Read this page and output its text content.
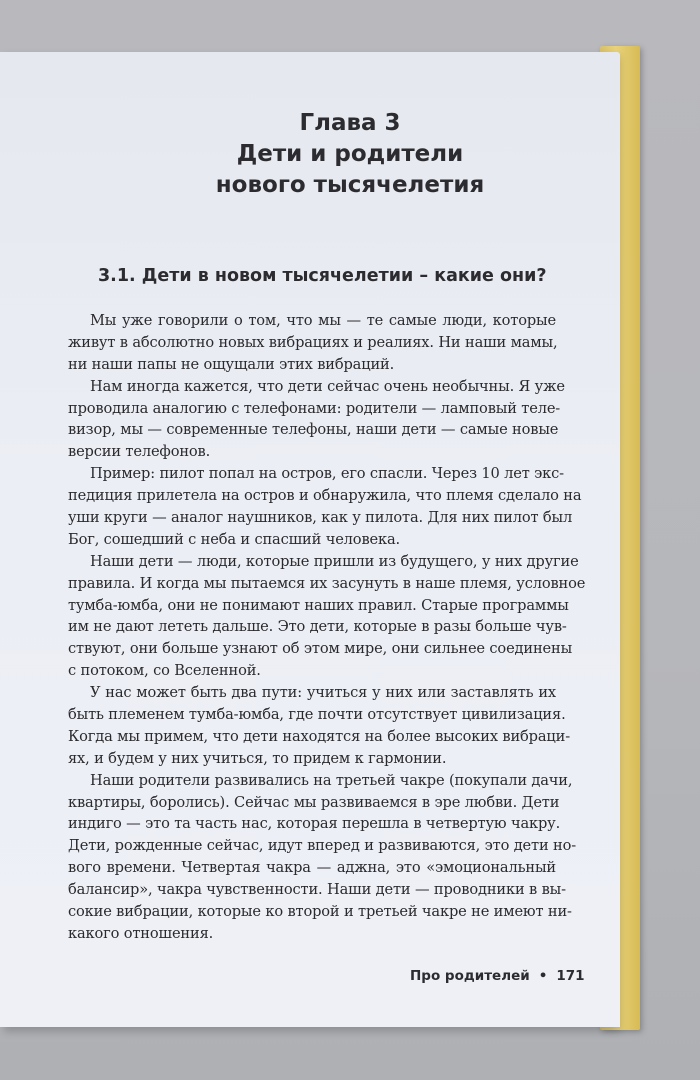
Глава 3
Дети и родители
нового тысячелетия
3.1. Дети в новом тысячелетии – какие они?
Мы уже говорили о том, что мы — те самые люди, которые
живут в абсолютно новых вибрациях и реалиях. Ни наши мамы,
ни наши папы не ощущали этих вибраций.
Нам иногда кажется, что дети сейчас очень необычны. Я уже
проводила аналогию с телефонами: родители — ламповый теле-
визор, мы — современные телефоны, наши дети — самые новые
версии телефонов.
Пример: пилот попал на остров, его спасли. Через 10 лет экс-
педиция прилетела на остров и обнаружила, что племя сделало на
уши круги — аналог наушников, как у пилота. Для них пилот был
Бог, сошедший с неба и спасший человека.
Наши дети — люди, которые пришли из будущего, у них другие
правила. И когда мы пытаемся их засунуть в наше племя, условное
тумба-юмба, они не понимают наших правил. Старые программы
им не дают лететь дальше. Это дети, которые в разы больше чув-
ствуют, они больше узнают об этом мире, они сильнее соединены
с потоком, со Вселенной.
У нас может быть два пути: учиться у них или заставлять их
быть племенем тумба-юмба, где почти отсутствует цивилизация.
Когда мы примем, что дети находятся на более высоких вибраци-
ях, и будем у них учиться, то придем к гармонии.
Наши родители развивались на третьей чакре (покупали дачи,
квартиры, боролись). Сейчас мы развиваемся в эре любви. Дети
индиго — это та часть нас, которая перешла в четвертую чакру.
Дети, рожденные сейчас, идут вперед и развиваются, это дети но-
вого времени. Четвертая чакра — аджна, это «эмоциональный
балансир», чакра чувственности. Наши дети — проводники в вы-
сокие вибрации, которые ко второй и третьей чакре не имеют ни-
какого отношения.
Про родителей • 171
